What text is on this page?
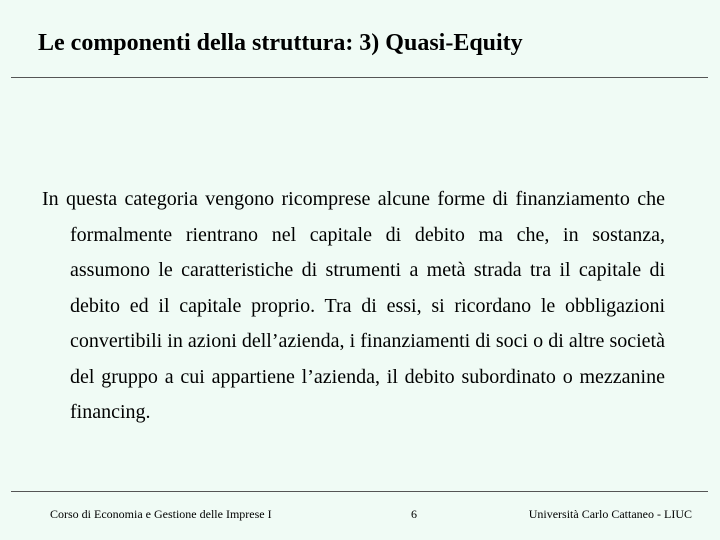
Le componenti della struttura: 3) Quasi-Equity

In questa categoria vengono ricomprese alcune forme di finanziamento che formalmente rientrano nel capitale di debito ma che, in sostanza, assumono le caratteristiche di strumenti a metà strada tra il capitale di debito ed il capitale proprio. Tra di essi, si ricordano le obbligazioni convertibili in azioni dell’azienda, i finanziamenti di soci o di altre società del gruppo a cui appartiene l’azienda, il debito subordinato o mezzanine financing.

Corso di Economia e Gestione delle Imprese I	6	Università Carlo Cattaneo - LIUC
